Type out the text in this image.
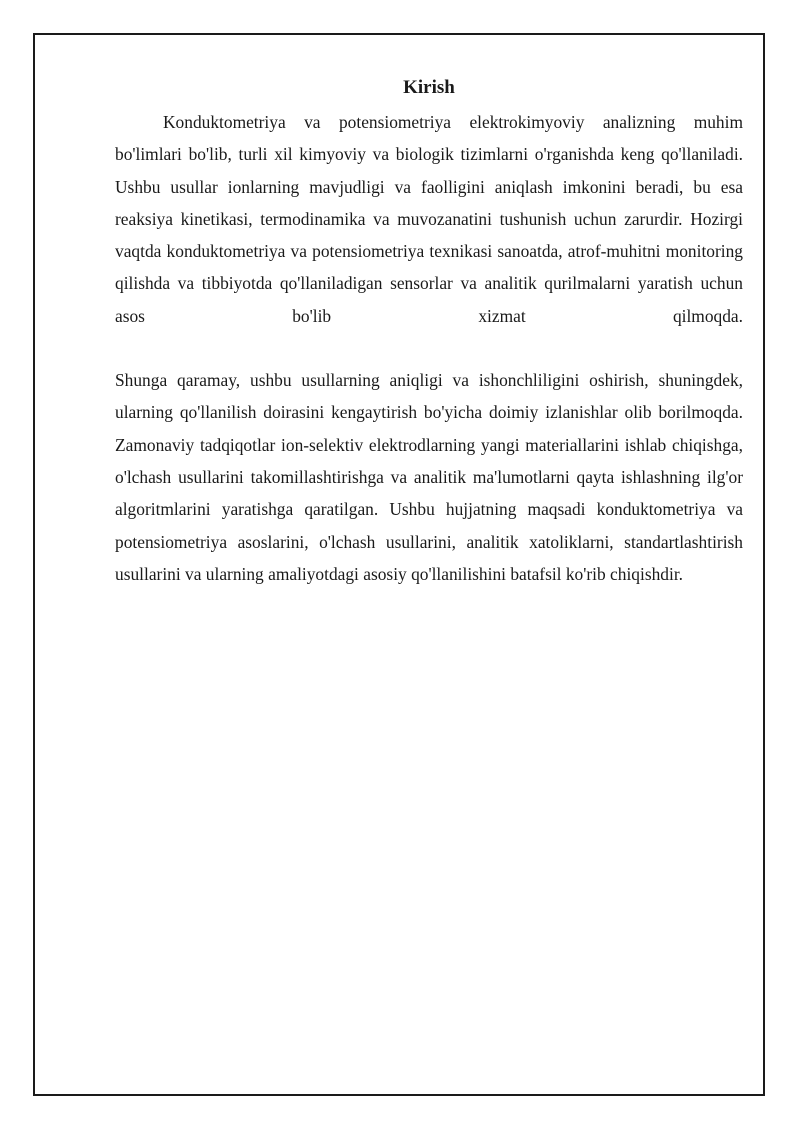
Kirish

Konduktometriya va potensiometriya elektrokimyoviy analizning muhim bo'limlari bo'lib, turli xil kimyoviy va biologik tizimlarni o'rganishda keng qo'llaniladi. Ushbu usullar ionlarning mavjudligi va faolligini aniqlash imkonini beradi, bu esa reaksiya kinetikasi, termodinamika va muvozanatini tushunish uchun zarurdir. Hozirgi vaqtda konduktometriya va potensiometriya texnikasi sanoatda, atrof-muhitni monitoring qilishda va tibbiyotda qo'llaniladigan sensorlar va analitik qurilmalarni yaratish uchun asos bo'lib xizmat qilmoqda.

Shunga qaramay, ushbu usullarning aniqligi va ishonchliligini oshirish, shuningdek, ularning qo'llanilish doirasini kengaytirish bo'yicha doimiy izlanishlar olib borilmoqda. Zamonaviy tadqiqotlar ion-selektiv elektrodlarning yangi materiallarini ishlab chiqishga, o'lchash usullarini takomillashtirishga va analitik ma'lumotlarni qayta ishlashning ilg'or algoritmlarini yaratishga qaratilgan. Ushbu hujjatning maqsadi konduktometriya va potensiometriya asoslarini, o'lchash usullarini, analitik xatoliklarni, standartlashtirish usullarini va ularning amaliyotdagi asosiy qo'llanilishini batafsil ko'rib chiqishdir.
